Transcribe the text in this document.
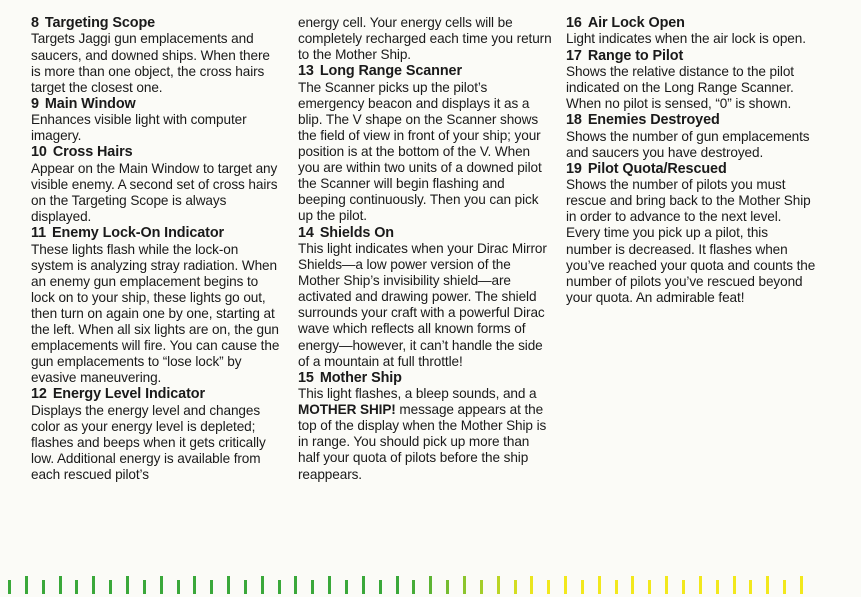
8 Targeting Scope

Targets Jaggi gun emplacements and saucers, and downed ships. When there is more than one object, the cross hairs target the closest one.

9 Main Window

Enhances visible light with computer imagery.

10 Cross Hairs

Appear on the Main Window to target any visible enemy. A second set of cross hairs on the Targeting Scope is always displayed.

11 Enemy Lock-On Indicator

These lights flash while the lock-on system is analyzing stray radiation. When an enemy gun emplacement begins to lock on to your ship, these lights go out, then turn on again one by one, starting at the left. When all six lights are on, the gun emplacements will fire. You can cause the gun emplacements to “lose lock” by evasive maneuvering.

12 Energy Level Indicator

Displays the energy level and changes color as your energy level is depleted; flashes and beeps when it gets critically low. Additional energy is available from each rescued pilot’s

energy cell. Your energy cells will be completely recharged each time you return to the Mother Ship.

13 Long Range Scanner

The Scanner picks up the pilot’s emergency beacon and displays it as a blip. The V shape on the Scanner shows the field of view in front of your ship; your position is at the bottom of the V. When you are within two units of a downed pilot the Scanner will begin flashing and beeping continuously. Then you can pick up the pilot.

14 Shields On

This light indicates when your Dirac Mirror Shields—a low power version of the Mother Ship’s invisibility shield—are activated and drawing power. The shield surrounds your craft with a powerful Dirac wave which reflects all known forms of energy—however, it can’t handle the side of a mountain at full throttle!

15 Mother Ship

This light flashes, a bleep sounds, and a MOTHER SHIP! message appears at the top of the display when the Mother Ship is in range. You should pick up more than half your quota of pilots before the ship reappears.

16 Air Lock Open

Light indicates when the air lock is open.

17 Range to Pilot

Shows the relative distance to the pilot indicated on the Long Range Scanner. When no pilot is sensed, “0” is shown.

18 Enemies Destroyed

Shows the number of gun emplacements and saucers you have destroyed.

19 Pilot Quota/Rescued

Shows the number of pilots you must rescue and bring back to the Mother Ship in order to advance to the next level. Every time you pick up a pilot, this number is decreased. It flashes when you’ve reached your quota and counts the number of pilots you’ve rescued beyond your quota. An admirable feat!
